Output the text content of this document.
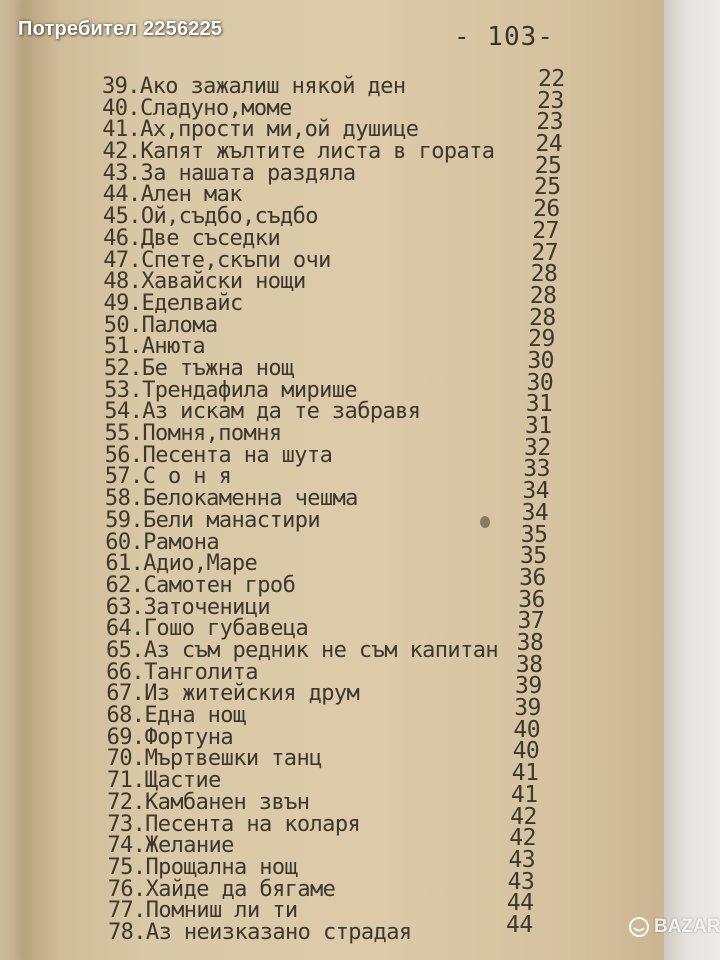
Потребител 2256225	- 103-
39.Ако зажалиш някой ден	22
40.Сладуно,моме	23
41.Ах,прости ми,ой душице	23
42.Капят жълтите листа в гората 24
43.За нашата раздяла	25
44.Ален мак	25
45.Ой,съдбо,съдбо	26
46.Две съседки	27
47.Спете,скъпи очи	27
48.Хавайски нощи	28
49.Еделвайс	28
50.Палома	28
51.Анюта	29
52.Бе тъжна нощ	30
53.Трендафила мирише	30
54.Аз искам да те забравя	31
55.Помня,помня	31
56.Песента на шута	32
57.С о н я	33
58.Белокаменна чешма	34
59.Бели манастири	34
60.Рамона	35
61.Адио,Маре	35
62.Самотен гроб	36
63.Заточеници	36
64.Гошо губавеца	37
65.Аз съм редник не съм капитан 38
66.Танголита	38
67.Из житейския друм	39
68.Една нощ	39
69.Фортуна	40
70.Мъртвешки танц	40
71.Щастие	41
72.Камбанен звън	41
73.Песента на коларя	42
74.Желание	42
75.Прощална нощ	43
76.Хайде да бягаме	43
77.Помниш ли ти	44
78.Аз неизказано страдая	44	BAZAR
